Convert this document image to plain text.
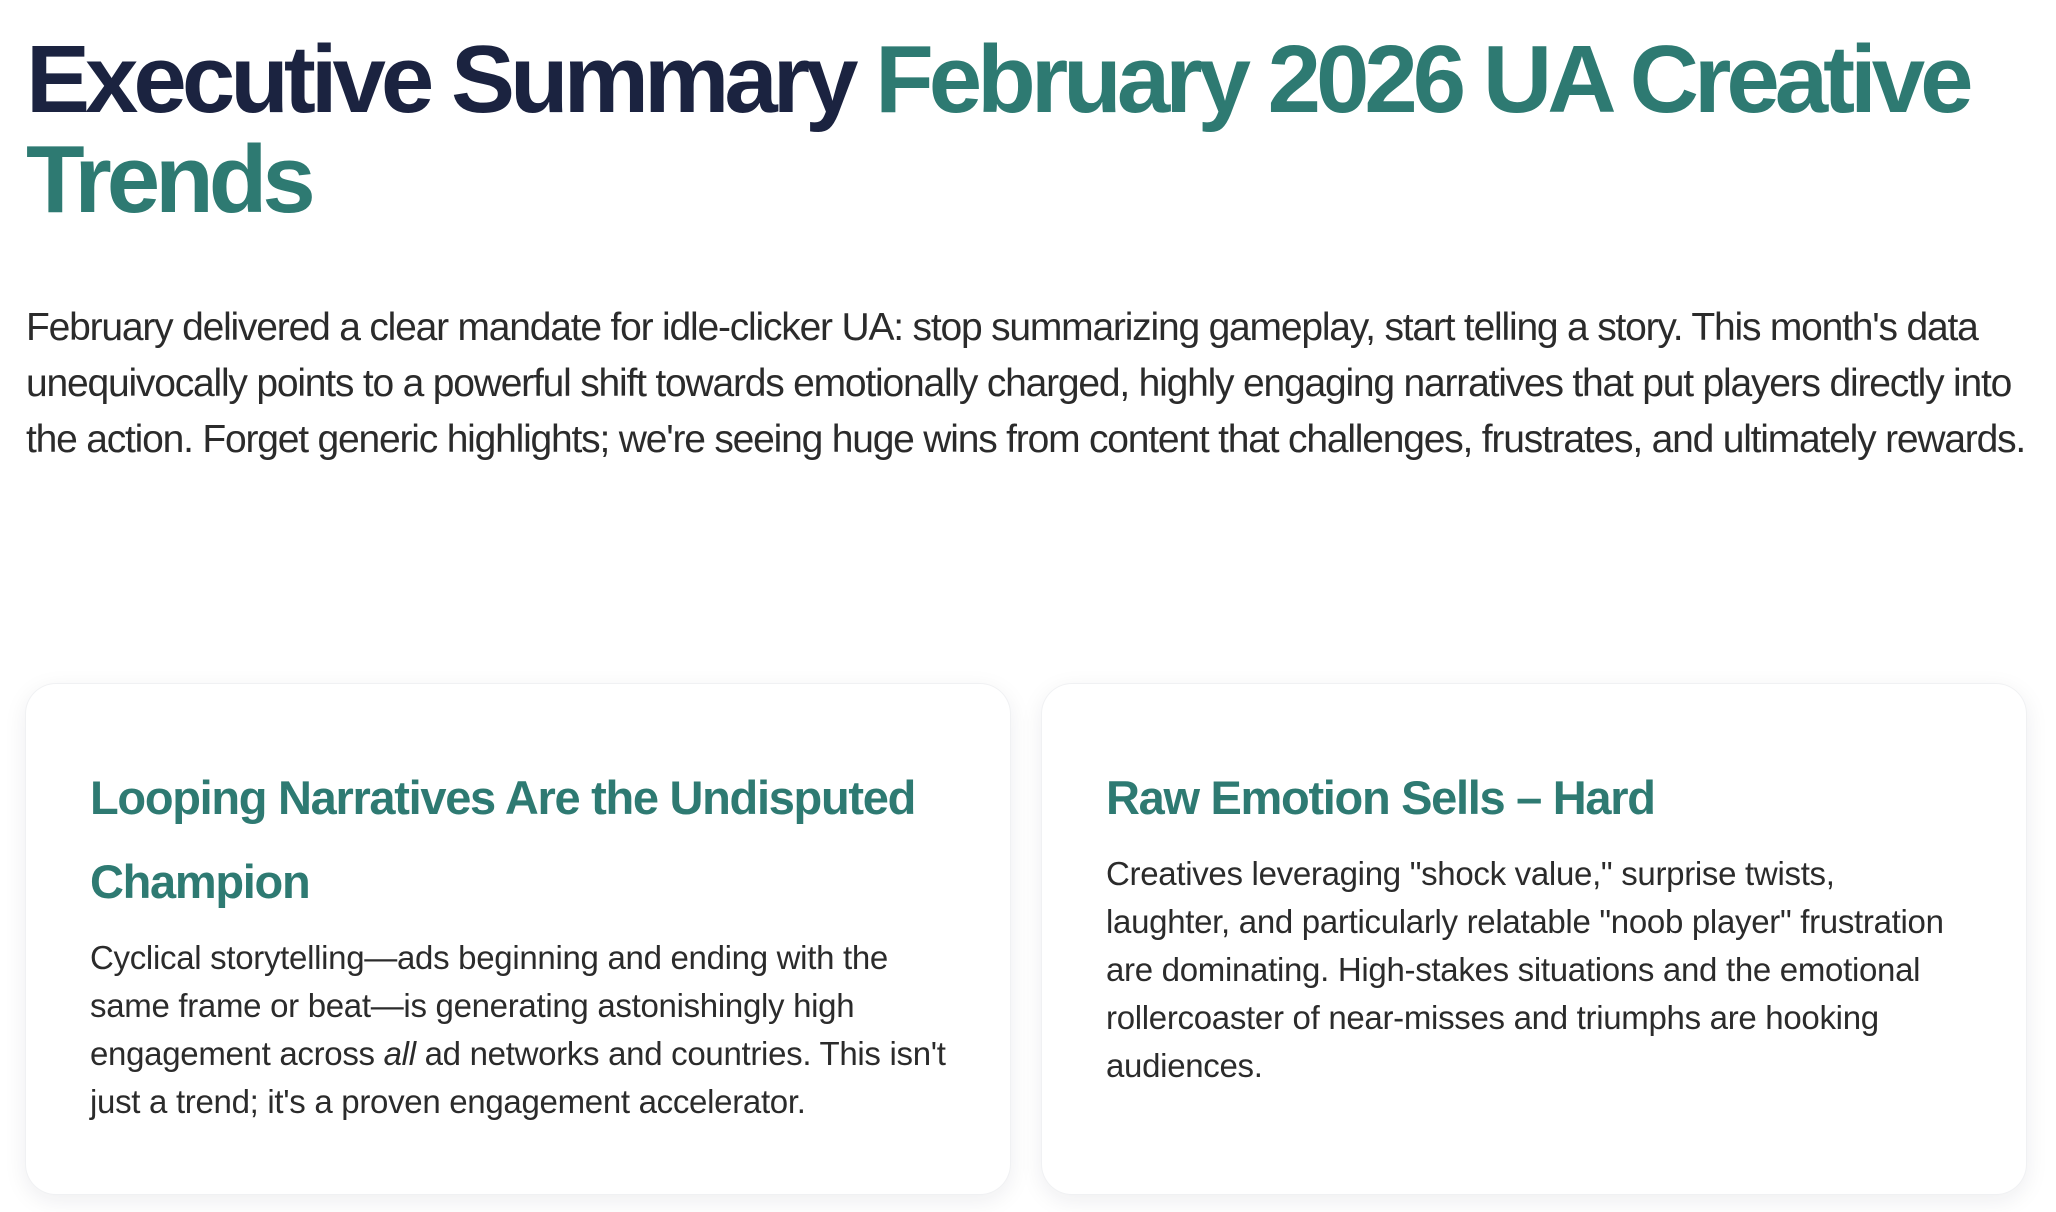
Executive Summary February 2026 UA Creative Trends

February delivered a clear mandate for idle-clicker UA: stop summarizing gameplay, start telling a story. This month's data unequivocally points to a powerful shift towards emotionally charged, highly engaging narratives that put players directly into the action. Forget generic highlights; we're seeing huge wins from content that challenges, frustrates, and ultimately rewards.

Looping Narratives Are the Undisputed Champion

Cyclical storytelling—ads beginning and ending with the same frame or beat—is generating astonishingly high engagement across all ad networks and countries. This isn't just a trend; it's a proven engagement accelerator.

Raw Emotion Sells – Hard

Creatives leveraging "shock value," surprise twists, laughter, and particularly relatable "noob player" frustration are dominating. High-stakes situations and the emotional rollercoaster of near-misses and triumphs are hooking audiences.
